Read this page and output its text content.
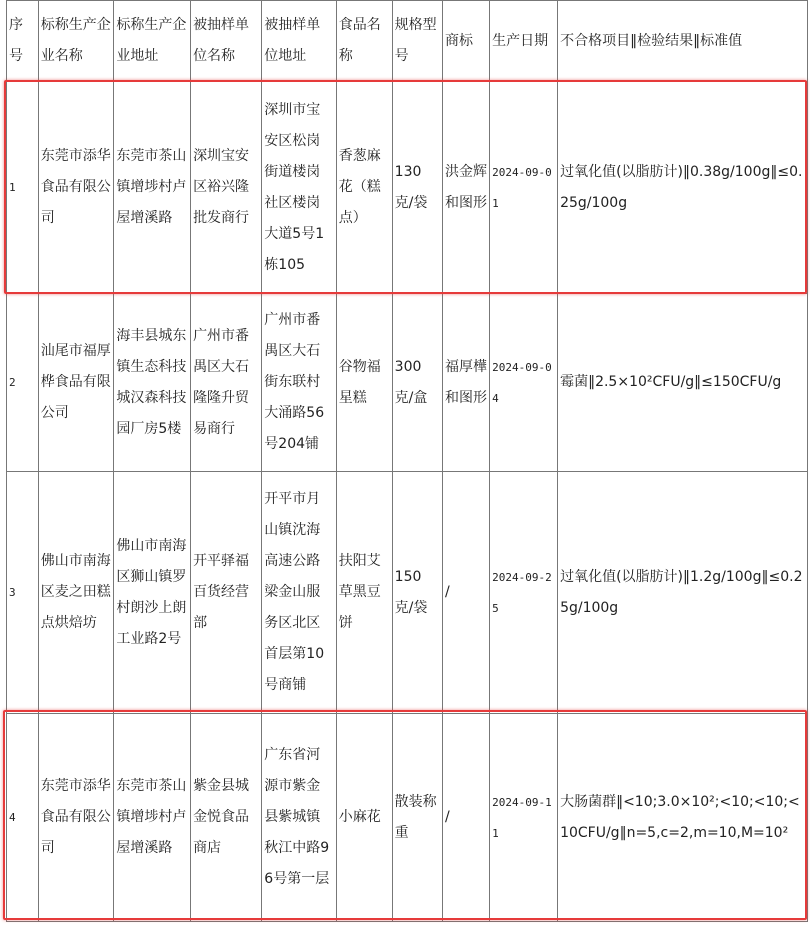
序号	标称生产企业名称	标称生产企业地址	被抽样单位名称	被抽样单位地址	食品名称	规格型号	商标	生产日期	不合格项目‖检验结果‖标准值
1	东莞市添华食品有限公司	东莞市茶山镇增埗村卢屋增溪路	深圳宝安区裕兴隆批发商行	深圳市宝安区松岗街道楼岗社区楼岗大道5号1栋105	香葱麻花（糕点）	130克/袋	洪金辉和图形	2024-09-01	过氧化值(以脂肪计)‖0.38g/100g‖≤0.25g/100g
2	汕尾市福厚桦食品有限公司	海丰县城东镇生态科技城汉森科技园厂房5楼	广州市番禺区大石隆隆升贸易商行	广州市番禺区大石街东联村大涌路56号204铺	谷物福星糕	300克/盒	福厚樺和图形	2024-09-04	霉菌‖2.5×10²CFU/g‖≤150CFU/g
3	佛山市南海区麦之田糕点烘焙坊	佛山市南海区狮山镇罗村朗沙上朗工业路2号	开平驿福百货经营部	开平市月山镇沈海高速公路梁金山服务区北区首层第10号商铺	扶阳艾草黑豆饼	150克/袋	/	2024-09-25	过氧化值(以脂肪计)‖1.2g/100g‖≤0.25g/100g
4	东莞市添华食品有限公司	东莞市茶山镇增埗村卢屋增溪路	紫金县城金悦食品商店	广东省河源市紫金县紫城镇秋江中路96号第一层	小麻花	散装称重	/	2024-09-11	大肠菌群‖<10;3.0×10²;<10;<10;<10CFU/g‖n=5,c=2,m=10,M=10²
